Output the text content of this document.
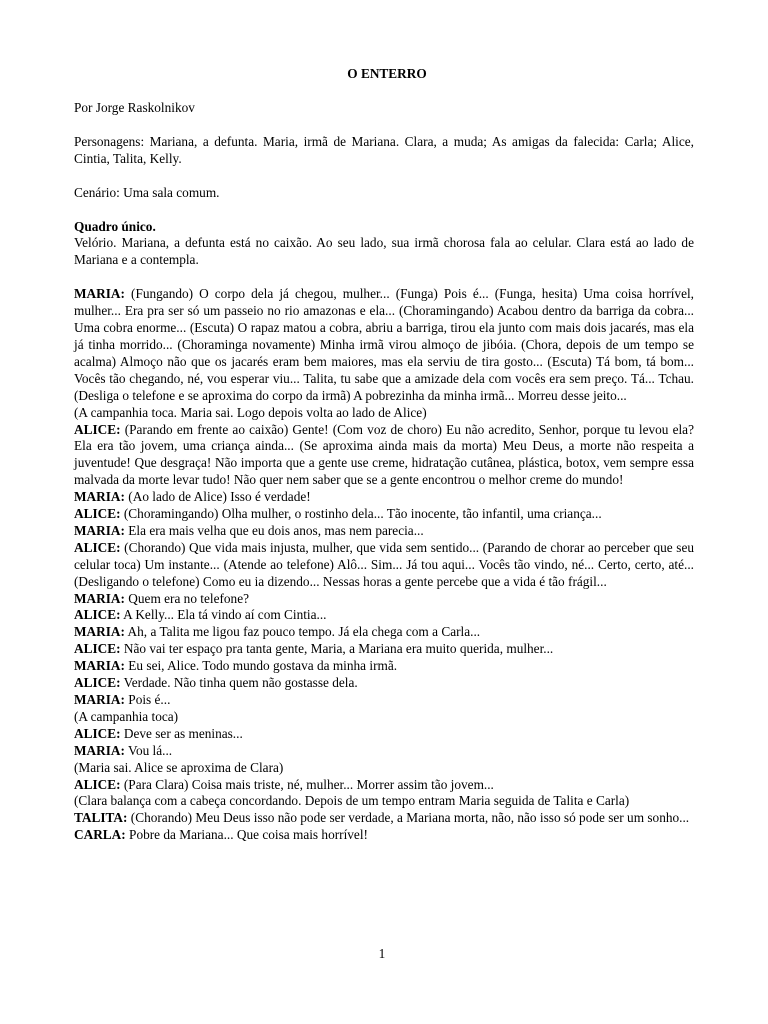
O ENTERRO

Por Jorge Raskolnikov

Personagens: Mariana, a defunta. Maria, irmã de Mariana. Clara, a muda; As amigas da falecida: Carla; Alice, Cintia, Talita, Kelly.

Cenário: Uma sala comum.

Quadro único.

Velório. Mariana, a defunta está no caixão. Ao seu lado, sua irmã chorosa fala ao celular. Clara está ao lado de Mariana e a contempla.

MARIA: (Fungando) O corpo dela já chegou, mulher... (Funga) Pois é... (Funga, hesita) Uma coisa horrível, mulher... Era pra ser só um passeio no rio amazonas e ela... (Choramingando) Acabou dentro da barriga da cobra... Uma cobra enorme... (Escuta) O rapaz matou a cobra, abriu a barriga, tirou ela junto com mais dois jacarés, mas ela já tinha morrido... (Choraminga novamente) Minha irmã virou almoço de jibóia. (Chora, depois de um tempo se acalma) Almoço não que os jacarés eram bem maiores, mas ela serviu de tira gosto... (Escuta) Tá bom, tá bom... Vocês tão chegando, né, vou esperar viu... Talita, tu sabe que a amizade dela com vocês era sem preço. Tá... Tchau. (Desliga o telefone e se aproxima do corpo da irmã) A pobrezinha da minha irmã... Morreu desse jeito...

(A campanhia toca. Maria sai. Logo depois volta ao lado de Alice)

ALICE: (Parando em frente ao caixão) Gente! (Com voz de choro) Eu não acredito, Senhor, porque tu levou ela? Ela era tão jovem, uma criança ainda... (Se aproxima ainda mais da morta) Meu Deus, a morte não respeita a juventude! Que desgraça! Não importa que a gente use creme, hidratação cutânea, plástica, botox, vem sempre essa malvada da morte levar tudo! Não quer nem saber que se a gente encontrou o melhor creme do mundo!

MARIA: (Ao lado de Alice) Isso é verdade!

ALICE: (Choramingando) Olha mulher, o rostinho dela... Tão inocente, tão infantil, uma criança...

MARIA: Ela era mais velha que eu dois anos, mas nem parecia...

ALICE: (Chorando) Que vida mais injusta, mulher, que vida sem sentido... (Parando de chorar ao perceber que seu celular toca) Um instante... (Atende ao telefone) Alô... Sim... Já tou aqui... Vocês tão vindo, né... Certo, certo, até... (Desligando o telefone) Como eu ia dizendo... Nessas horas a gente percebe que a vida é tão frágil...

MARIA: Quem era no telefone?

ALICE: A Kelly... Ela tá vindo aí com Cintia...

MARIA: Ah, a Talita me ligou faz pouco tempo. Já ela chega com a Carla...

ALICE: Não vai ter espaço pra tanta gente, Maria, a Mariana era muito querida, mulher...

MARIA: Eu sei, Alice. Todo mundo gostava da minha irmã.

ALICE: Verdade. Não tinha quem não gostasse dela.

MARIA: Pois é...

(A campanhia toca)

ALICE: Deve ser as meninas...

MARIA: Vou lá...

(Maria sai. Alice se aproxima de Clara)

ALICE: (Para Clara) Coisa mais triste, né, mulher... Morrer assim tão jovem...

(Clara balança com a cabeça concordando. Depois de um tempo entram Maria seguida de Talita e Carla)

TALITA: (Chorando) Meu Deus isso não pode ser verdade, a Mariana morta, não, não isso só pode ser um sonho...

CARLA: Pobre da Mariana... Que coisa mais horrível!

1
